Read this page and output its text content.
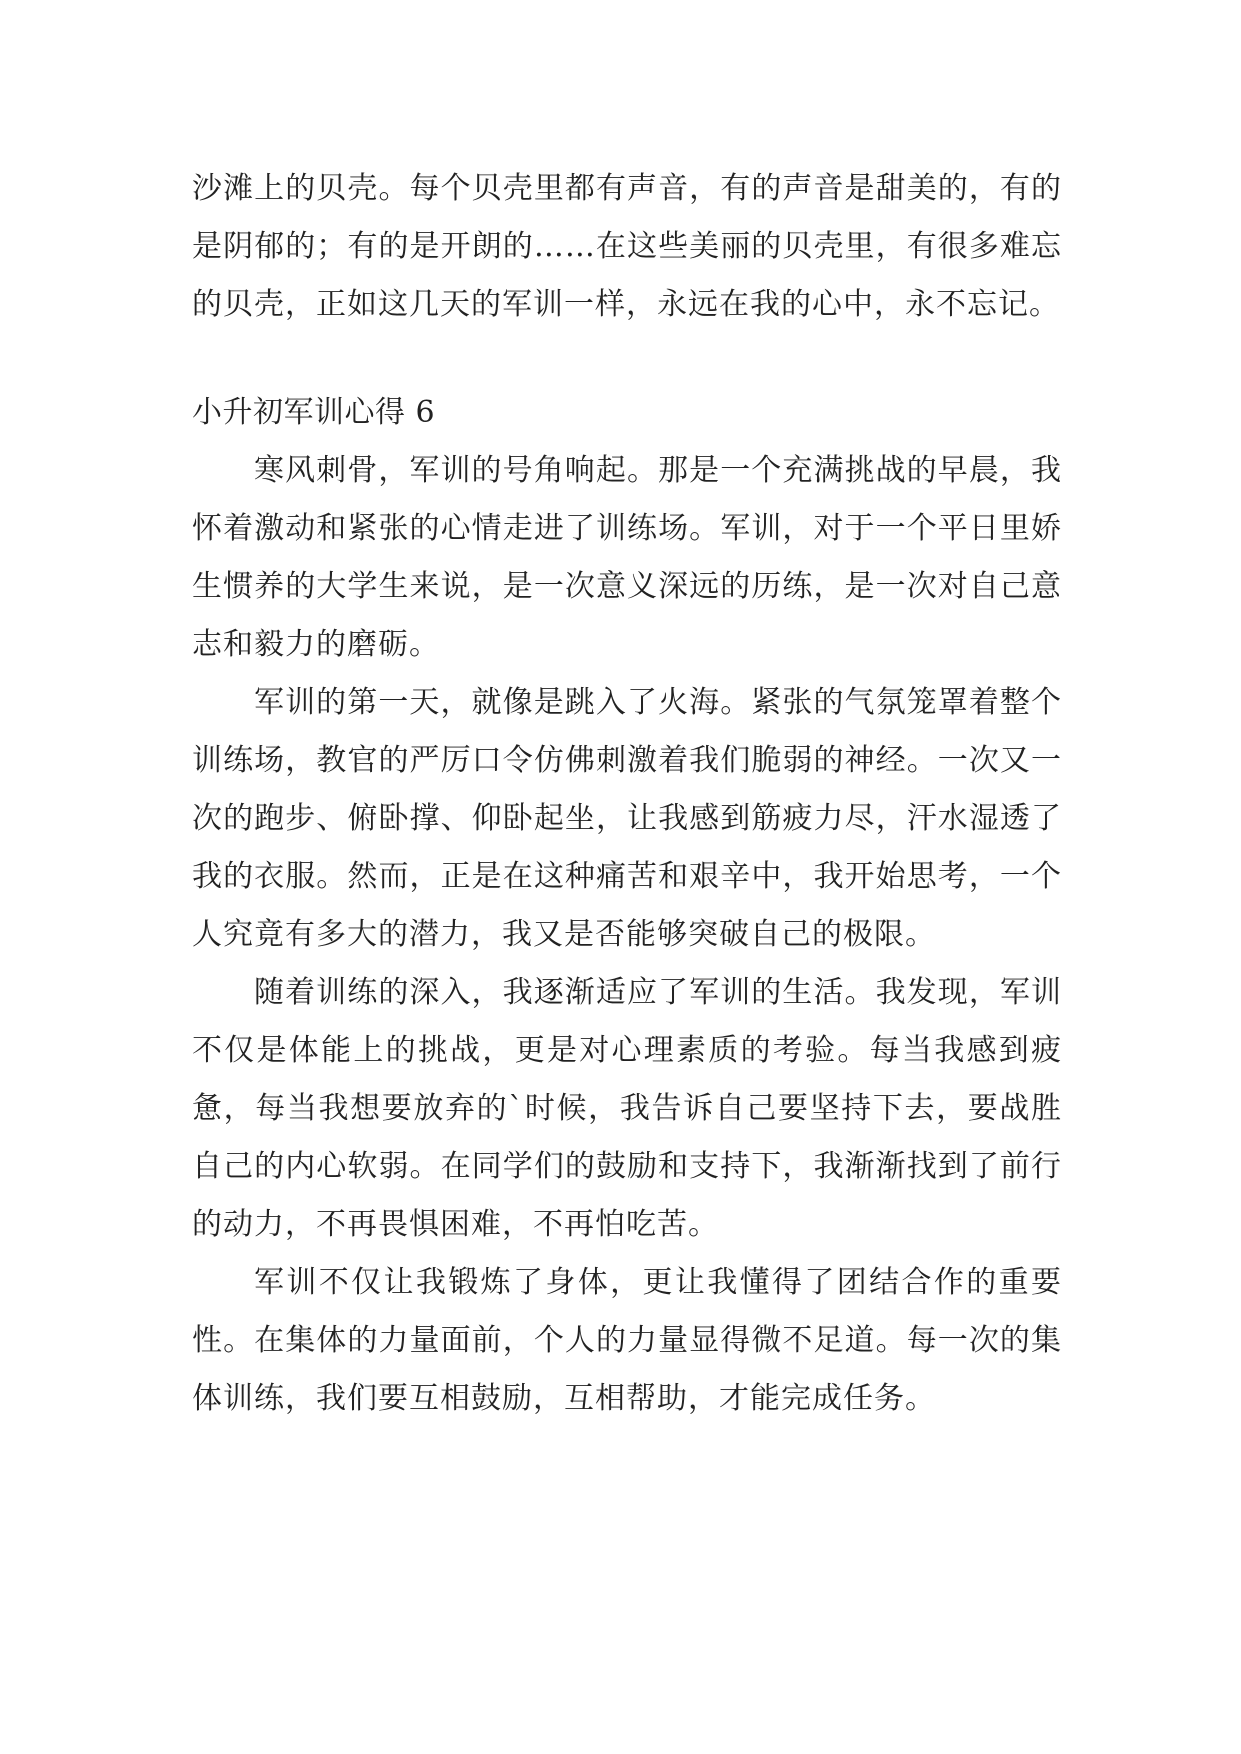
沙滩上的贝壳。每个贝壳里都有声音，有的声音是甜美的，有的是阴郁的；有的是开朗的……在这些美丽的贝壳里，有很多难忘的贝壳，正如这几天的军训一样，永远在我的心中，永不忘记。

小升初军训心得 6

寒风刺骨，军训的号角响起。那是一个充满挑战的早晨，我怀着激动和紧张的心情走进了训练场。军训，对于一个平日里娇生惯养的大学生来说，是一次意义深远的历练，是一次对自己意志和毅力的磨砺。

军训的第一天，就像是跳入了火海。紧张的气氛笼罩着整个训练场，教官的严厉口令仿佛刺激着我们脆弱的神经。一次又一次的跑步、俯卧撑、仰卧起坐，让我感到筋疲力尽，汗水湿透了我的衣服。然而，正是在这种痛苦和艰辛中，我开始思考，一个人究竟有多大的潜力，我又是否能够突破自己的极限。

随着训练的深入，我逐渐适应了军训的生活。我发现，军训不仅是体能上的挑战，更是对心理素质的考验。每当我感到疲惫，每当我想要放弃的`时候，我告诉自己要坚持下去，要战胜自己的内心软弱。在同学们的鼓励和支持下，我渐渐找到了前行的动力，不再畏惧困难，不再怕吃苦。

军训不仅让我锻炼了身体，更让我懂得了团结合作的重要性。在集体的力量面前，个人的力量显得微不足道。每一次的集体训练，我们要互相鼓励，互相帮助，才能完成任务。
